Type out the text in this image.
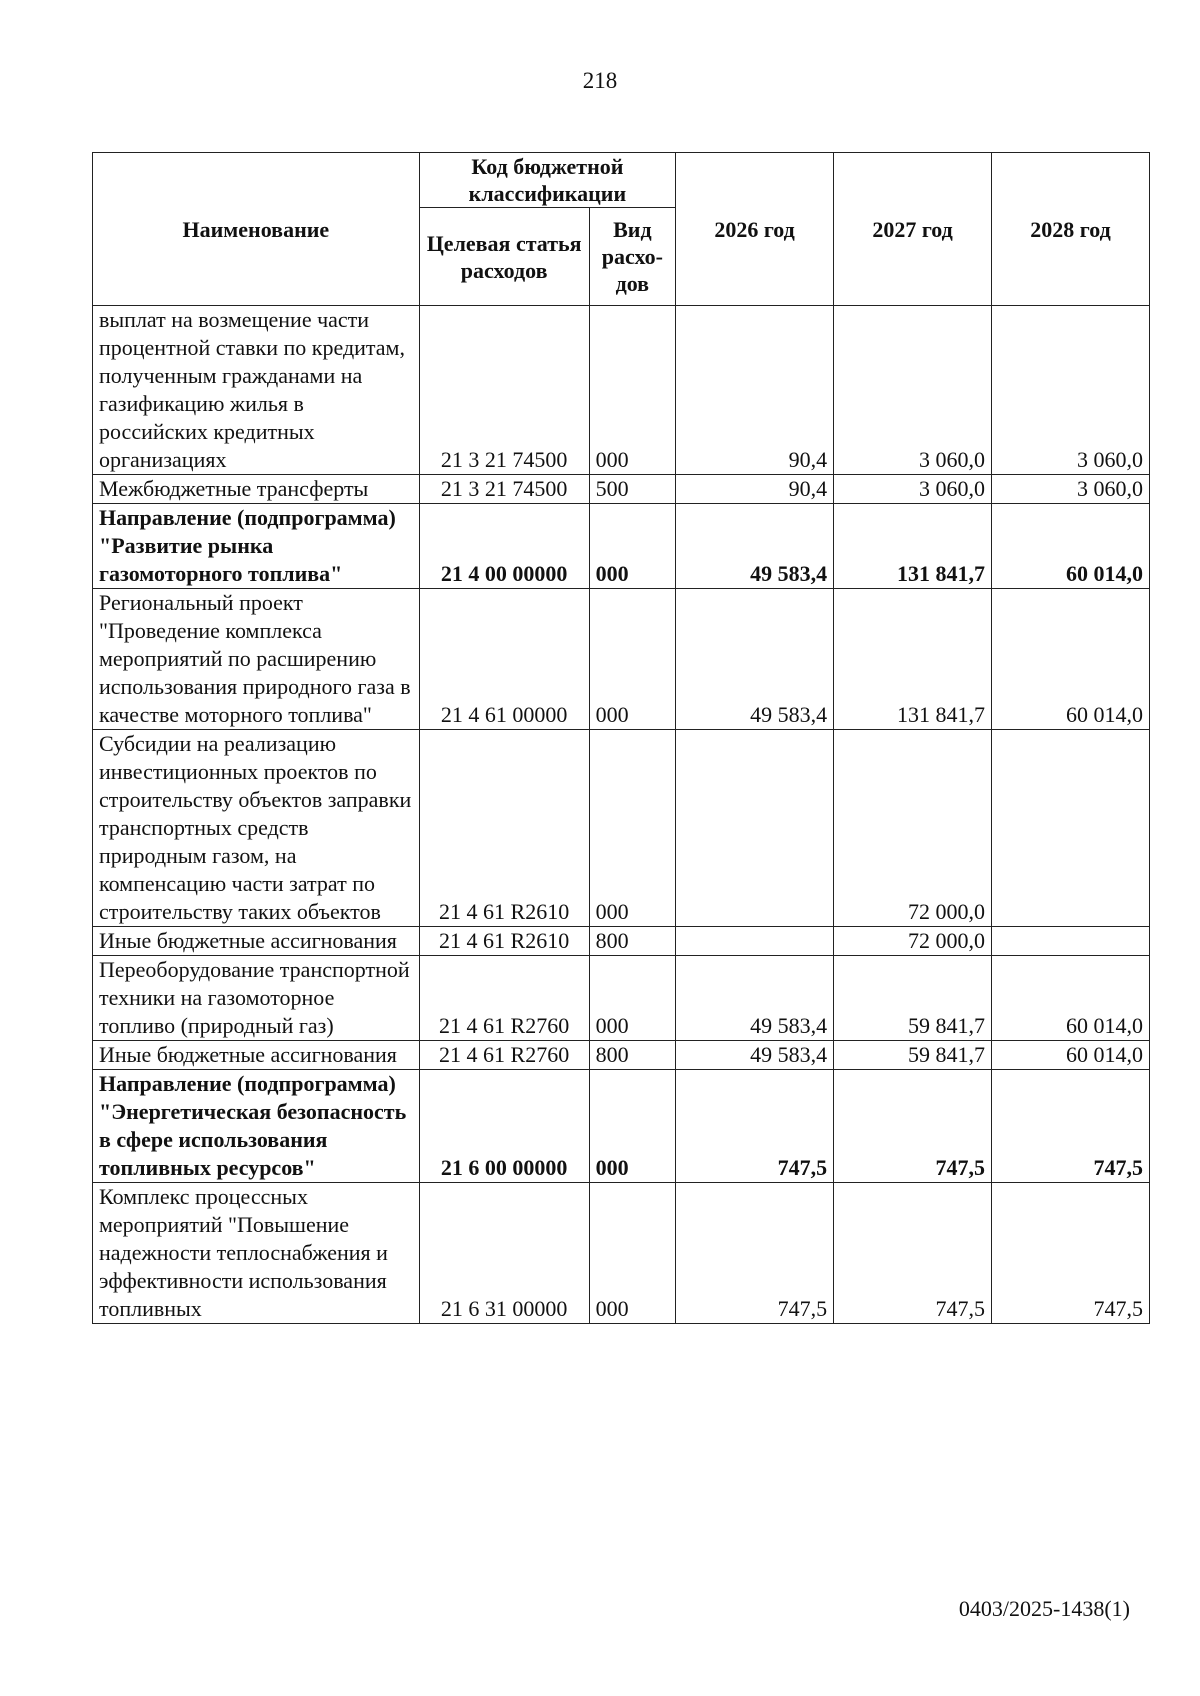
218
Наименование	Код бюджетной классификации		2026 год	2027 год	2028 год
	Целевая статья расходов	Вид расхо-дов			
выплат на возмещение части процентной ставки по кредитам, полученным гражданами на газификацию жилья в российских кредитных организациях	21 3 21 74500	000	90,4	3 060,0	3 060,0
Межбюджетные трансферты	21 3 21 74500	500	90,4	3 060,0	3 060,0
Направление (подпрограмма) "Развитие рынка газомоторного топлива"	21 4 00 00000	000	49 583,4	131 841,7	60 014,0
Региональный проект "Проведение комплекса мероприятий по расширению использования природного газа в качестве моторного топлива"	21 4 61 00000	000	49 583,4	131 841,7	60 014,0
Субсидии на реализацию инвестиционных проектов по строительству объектов заправки транспортных средств природным газом, на компенсацию части затрат по строительству таких объектов	21 4 61 R2610	000		72 000,0	
Иные бюджетные ассигнования	21 4 61 R2610	800		72 000,0	
Переоборудование транспортной техники на газомоторное топливо (природный газ)	21 4 61 R2760	000	49 583,4	59 841,7	60 014,0
Иные бюджетные ассигнования	21 4 61 R2760	800	49 583,4	59 841,7	60 014,0
Направление (подпрограмма) "Энергетическая безопасность в сфере использования топливных ресурсов"	21 6 00 00000	000	747,5	747,5	747,5
Комплекс процессных мероприятий "Повышение надежности теплоснабжения и эффективности использования топливных	21 6 31 00000	000	747,5	747,5	747,5
0403/2025-1438(1)
